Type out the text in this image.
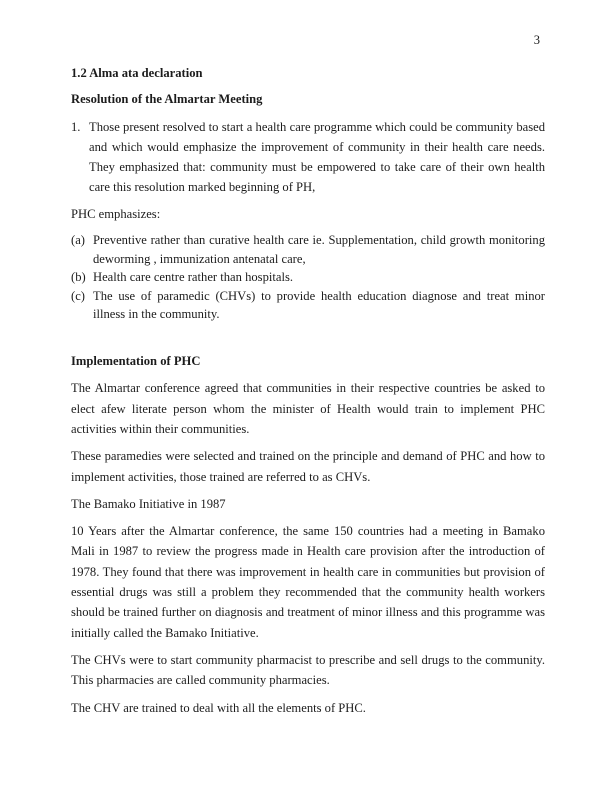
3
1.2 Alma ata declaration
Resolution of the Almartar Meeting
1. Those present resolved to start a health care programme which could be community based and which would emphasize the improvement of community in their health care needs. They emphasized that: community must be empowered to take care of their own health care this resolution marked beginning of PH,
PHC emphasizes:
(a) Preventive rather than curative health care ie. Supplementation, child growth monitoring deworming , immunization antenatal care,
(b) Health care centre rather than hospitals.
(c) The use of paramedic (CHVs) to provide health education diagnose and treat minor illness in the community.
Implementation of PHC
The Almartar conference agreed that communities in their respective countries be asked to elect afew literate person whom the minister of Health would train to implement PHC activities within their communities.
These paramedies were selected and trained on the principle and demand of PHC and how to implement activities, those trained are referred to as CHVs.
The Bamako Initiative in 1987
10 Years after the Almartar conference, the same 150 countries had a meeting in Bamako Mali in 1987 to review the progress made in Health care provision after the introduction of 1978. They found that there was improvement in health care in communities but provision of essential drugs was still a problem they recommended that the community health workers should be trained further on diagnosis and treatment of minor illness and this programme was initially called the Bamako Initiative.
The CHVs were to start community pharmacist to prescribe and sell drugs to the community. This pharmacies are called community pharmacies.
The CHV are trained to deal with all the elements of PHC.
